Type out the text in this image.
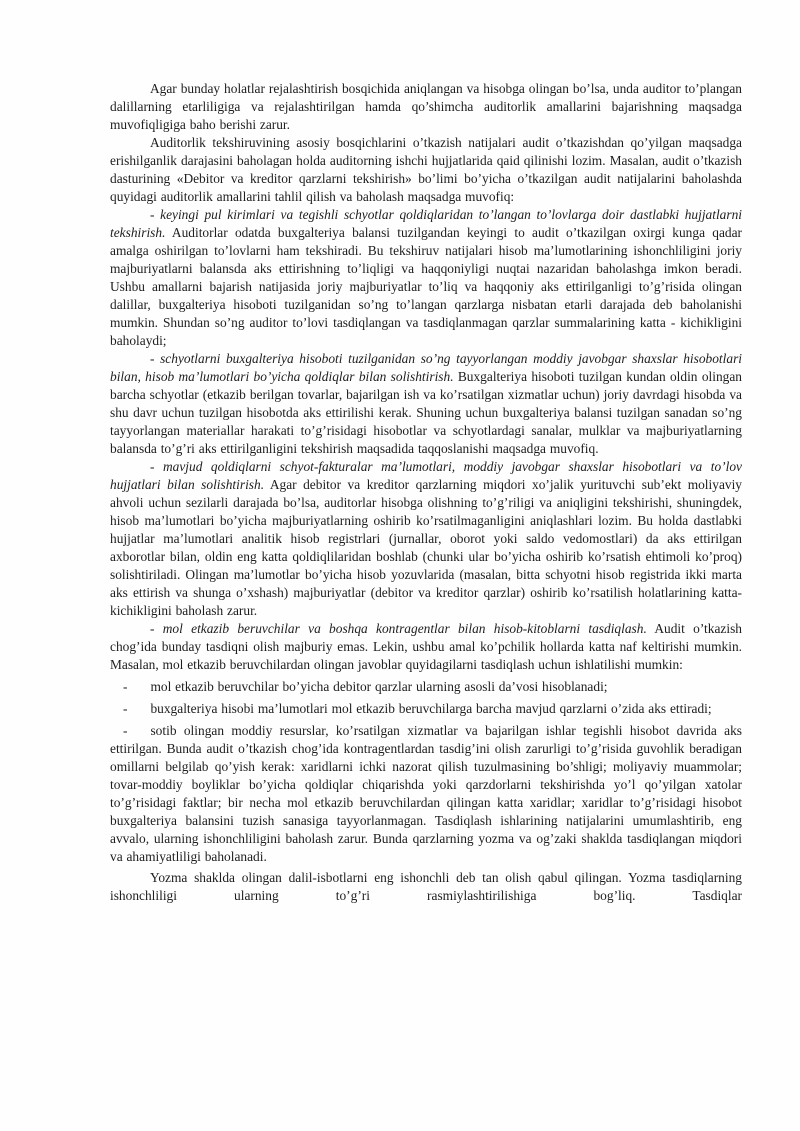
Agar bunday holatlar rejalashtirish bosqichida aniqlangan va hisobga olingan bo’lsa, unda auditor to’plangan dalillarning etarliligiga va rejalashtirilgan hamda qo’shimcha auditorlik amallarini bajarishning maqsadga muvofiqligiga baho berishi zarur.

Auditorlik tekshiruvining asosiy bosqichlarini o’tkazish natijalari audit o’tkazishdan qo’yilgan maqsadga erishilganlik darajasini baholagan holda auditorning ishchi hujjatlarida qaid qilinishi lozim. Masalan, audit o’tkazish dasturining «Debitor va kreditor qarzlarni tekshirish» bo’limi bo’yicha o’tkazilgan audit natijalarini baholashda quyidagi auditorlik amallarini tahlil qilish va baholash maqsadga muvofiq:

- keyingi pul kirimlari va tegishli schyotlar qoldiqlaridan to’langan to’lovlarga doir dastlabki hujjatlarni tekshirish. Auditorlar odatda buxgalteriya balansi tuzilgandan keyingi to audit o’tkazilgan oxirgi kunga qadar amalga oshirilgan to’lovlarni ham tekshiradi. Bu tekshiruv natijalari hisob ma’lumotlarining ishonchliligini joriy majburiyatlarni balansda aks ettirishning to’liqligi va haqqoniyligi nuqtai nazaridan baholashga imkon beradi. Ushbu amallarni bajarish natijasida joriy majburiyatlar to’liq va haqqoniy aks ettirilganligi to’g’risida olingan dalillar, buxgalteriya hisoboti tuzilganidan so’ng to’langan qarzlarga nisbatan etarli darajada deb baholanishi mumkin. Shundan so’ng auditor to’lovi tasdiqlangan va tasdiqlanmagan qarzlar summalarining katta - kichikligini baholaydi;

- schyotlarni buxgalteriya hisoboti tuzilganidan so’ng tayyorlangan moddiy javobgar shaxslar hisobotlari bilan, hisob ma’lumotlari bo’yicha qoldiqlar bilan solishtirish. Buxgalteriya hisoboti tuzilgan kundan oldin olingan barcha schyotlar (etkazib berilgan tovarlar, bajarilgan ish va ko’rsatilgan xizmatlar uchun) joriy davrdagi hisobda va shu davr uchun tuzilgan hisobotda aks ettirilishi kerak. Shuning uchun buxgalteriya balansi tuzilgan sanadan so’ng tayyorlangan materiallar harakati to’g’risidagi hisobotlar va schyotlardagi sanalar, mulklar va majburiyatlarning balansda to’g’ri aks ettirilganligini tekshirish maqsadida taqqoslanishi maqsadga muvofiq.

- mavjud qoldiqlarni schyot-fakturalar ma’lumotlari, moddiy javobgar shaxslar hisobotlari va to’lov hujjatlari bilan solishtirish. Agar debitor va kreditor qarzlarning miqdori xo’jalik yurituvchi sub’ekt moliyaviy ahvoli uchun sezilarli darajada bo’lsa, auditorlar hisobga olishning to’g’riligi va aniqligini tekshirishi, shuningdek, hisob ma’lumotlari bo’yicha majburiyatlarning oshirib ko’rsatilmaganligini aniqlashlari lozim. Bu holda dastlabki hujjatlar ma’lumotlari analitik hisob registrlari (jurnallar, oborot yoki saldo vedomostlari) da aks ettirilgan axborotlar bilan, oldin eng katta qoldiqlilaridan boshlab (chunki ular bo’yicha oshirib ko’rsatish ehtimoli ko’proq) solishtiriladi. Olingan ma’lumotlar bo’yicha hisob yozuvlarida (masalan, bitta schyotni hisob registrida ikki marta aks ettirish va shunga o’xshash) majburiyatlar (debitor va kreditor qarzlar) oshirib ko’rsatilish holatlarining katta-kichikligini baholash zarur.

- mol etkazib beruvchilar va boshqa kontragentlar bilan hisob-kitoblarni tasdiqlash. Audit o’tkazish chog’ida bunday tasdiqni olish majburiy emas. Lekin, ushbu amal ko’pchilik hollarda katta naf keltirishi mumkin. Masalan, mol etkazib beruvchilardan olingan javoblar quyidagilarni tasdiqlash uchun ishlatilishi mumkin:

- mol etkazib beruvchilar bo’yicha debitor qarzlar ularning asosli da’vosi hisoblanadi;

- buxgalteriya hisobi ma’lumotlari mol etkazib beruvchilarga barcha mavjud qarzlarni o’zida aks ettiradi;

- sotib olingan moddiy resurslar, ko’rsatilgan xizmatlar va bajarilgan ishlar tegishli hisobot davrida aks ettirilgan. Bunda audit o’tkazish chog’ida kontragentlardan tasdig’ini olish zarurligi to’g’risida guvohlik beradigan omillarni belgilab qo’yish kerak: xaridlarni ichki nazorat qilish tuzulmasining bo’shligi; moliyaviy muammolar; tovar-moddiy boyliklar bo’yicha qoldiqlar chiqarishda yoki qarzdorlarni tekshirishda yo’l qo’yilgan xatolar to’g’risidagi faktlar; bir necha mol etkazib beruvchilardan qilingan katta xaridlar; xaridlar to’g’risidagi hisobot buxgalteriya balansini tuzish sanasiga tayyorlanmagan. Tasdiqlash ishlarining natijalarini umumlashtirib, eng avvalo, ularning ishonchliligini baholash zarur. Bunda qarzlarning yozma va og’zaki shaklda tasdiqlangan miqdori va ahamiyatliligi baholanadi.

Yozma shaklda olingan dalil-isbotlarni eng ishonchli deb tan olish qabul qilingan. Yozma tasdiqlarning ishonchliligi ularning to’g’ri rasmiylashtirilishiga bog’liq. Tasdiqlar
